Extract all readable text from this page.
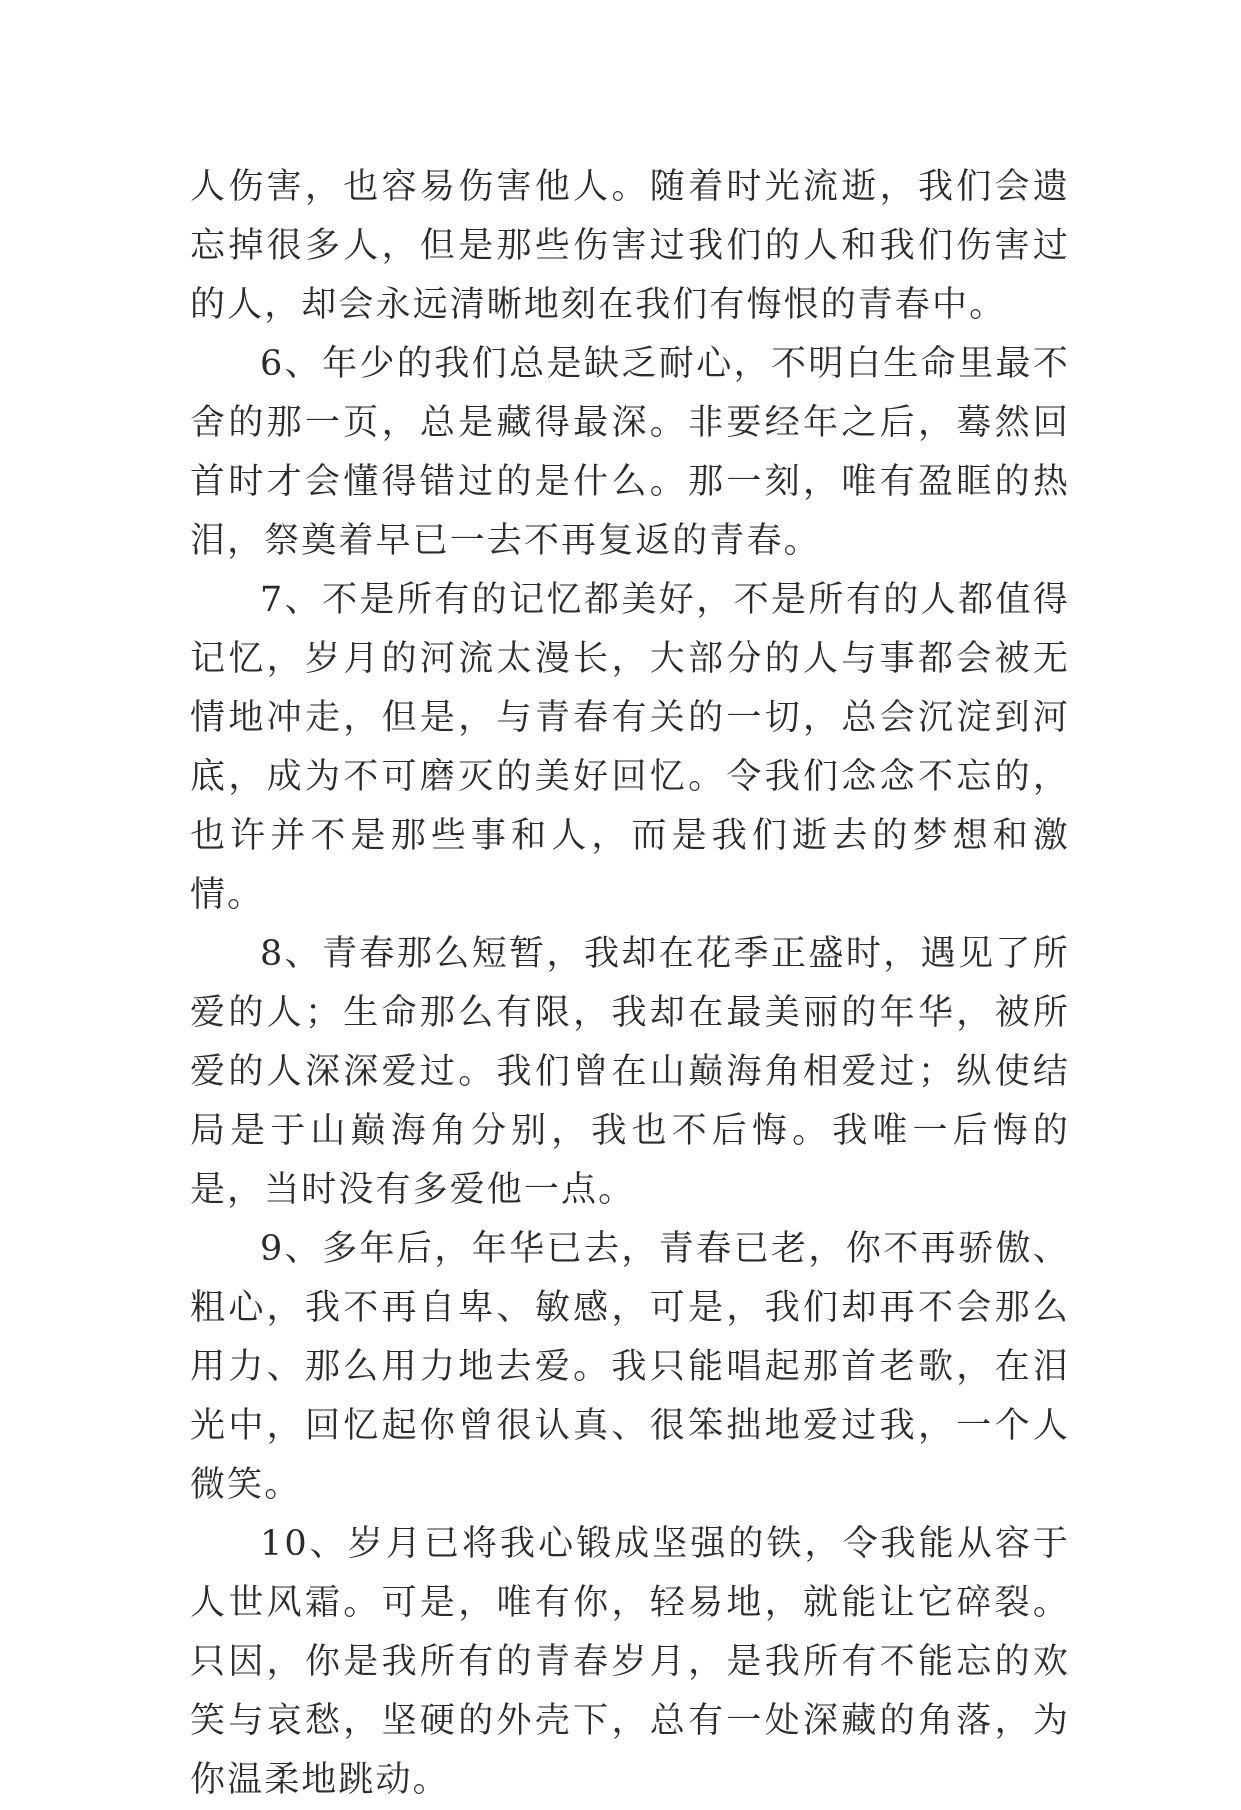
人伤害，也容易伤害他人。随着时光流逝，我们会遗忘掉很多人，但是那些伤害过我们的人和我们伤害过的人，却会永远清晰地刻在我们有悔恨的青春中。

6、年少的我们总是缺乏耐心，不明白生命里最不舍的那一页，总是藏得最深。非要经年之后，蓦然回首时才会懂得错过的是什么。那一刻，唯有盈眶的热泪，祭奠着早已一去不再复返的青春。

7、不是所有的记忆都美好，不是所有的人都值得记忆，岁月的河流太漫长，大部分的人与事都会被无情地冲走，但是，与青春有关的一切，总会沉淀到河底，成为不可磨灭的美好回忆。令我们念念不忘的，也许并不是那些事和人，而是我们逝去的梦想和激情。

8、青春那么短暂，我却在花季正盛时，遇见了所爱的人；生命那么有限，我却在最美丽的年华，被所爱的人深深爱过。我们曾在山巅海角相爱过；纵使结局是于山巅海角分别，我也不后悔。我唯一后悔的是，当时没有多爱他一点。

9、多年后，年华已去，青春已老，你不再骄傲、粗心，我不再自卑、敏感，可是，我们却再不会那么用力、那么用力地去爱。我只能唱起那首老歌，在泪光中，回忆起你曾很认真、很笨拙地爱过我，一个人微笑。

10、岁月已将我心锻成坚强的铁，令我能从容于人世风霜。可是，唯有你，轻易地，就能让它碎裂。只因，你是我所有的青春岁月，是我所有不能忘的欢笑与哀愁，坚硬的外壳下，总有一处深藏的角落，为你温柔地跳动。
